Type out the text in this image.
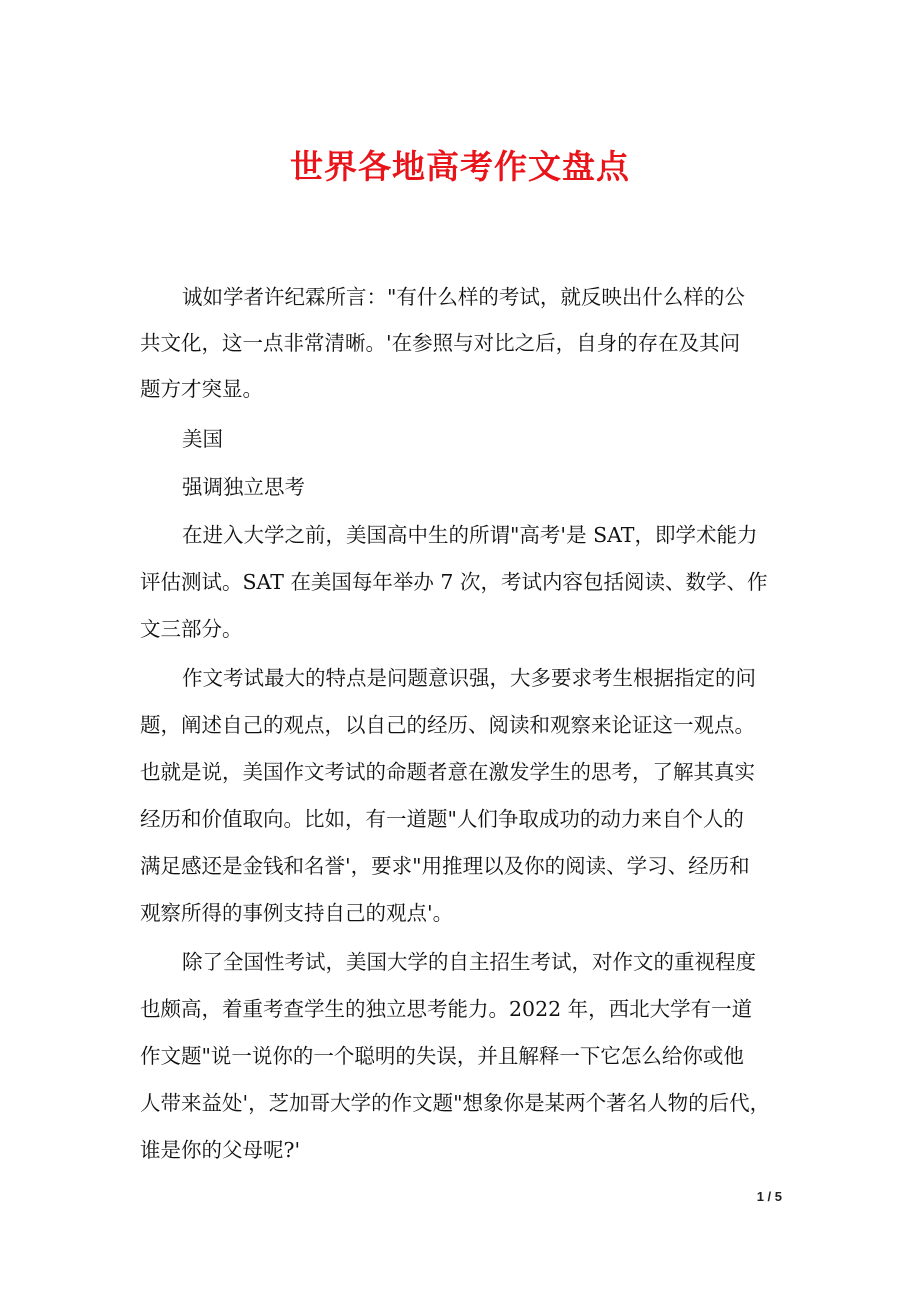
世界各地高考作文盘点
诚如学者许纪霖所言："有什么样的考试，就反映出什么样的公
共文化，这一点非常清晰。'在参照与对比之后，自身的存在及其问
题方才突显。
美国
强调独立思考
在进入大学之前，美国高中生的所谓"高考'是 SAT，即学术能力
评估测试。SAT 在美国每年举办 7 次，考试内容包括阅读、数学、作
文三部分。
作文考试最大的特点是问题意识强，大多要求考生根据指定的问
题，阐述自己的观点，以自己的经历、阅读和观察来论证这一观点。
也就是说，美国作文考试的命题者意在激发学生的思考，了解其真实
经历和价值取向。比如，有一道题"人们争取成功的动力来自个人的
满足感还是金钱和名誉'，要求"用推理以及你的阅读、学习、经历和
观察所得的事例支持自己的观点'。
除了全国性考试，美国大学的自主招生考试，对作文的重视程度
也颇高，着重考查学生的独立思考能力。2022 年，西北大学有一道
作文题"说一说你的一个聪明的失误，并且解释一下它怎么给你或他
人带来益处'，芝加哥大学的作文题"想象你是某两个著名人物的后代，
谁是你的父母呢?'
1 / 5
